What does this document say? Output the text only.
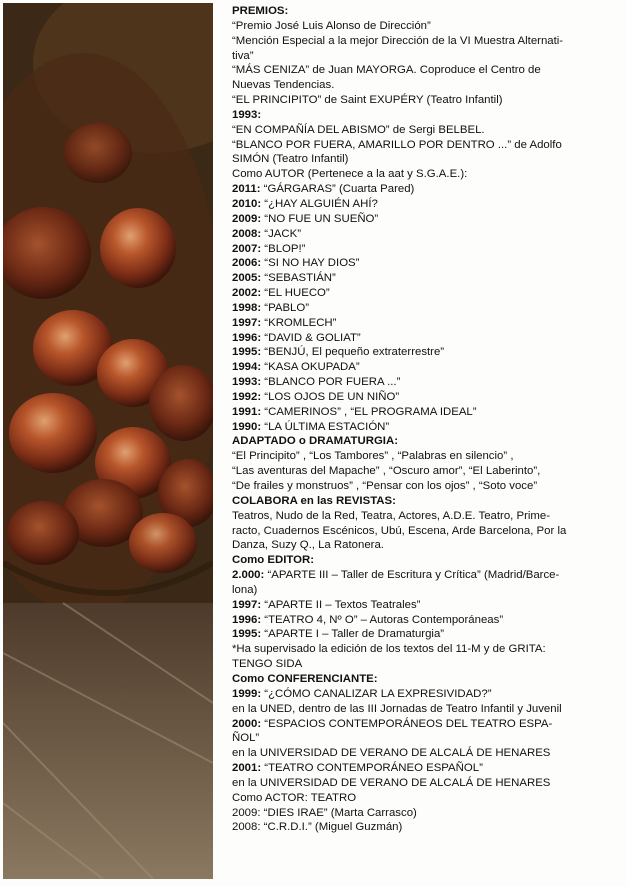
PREMIOS:
“Premio José Luis Alonso de Dirección”
“Mención Especial a la mejor Dirección de la VI Muestra Alternati-
tiva”
“MÁS CENIZA” de Juan MAYORGA. Coproduce el Centro de
Nuevas Tendencias.
“EL PRINCIPITO” de Saint EXUPÉRY (Teatro Infantil)
1993:
“EN COMPAÑÍA DEL ABISMO” de Sergi BELBEL.
“BLANCO POR FUERA, AMARILLO POR DENTRO ...” de Adolfo
SIMÓN (Teatro Infantil)
Como AUTOR (Pertenece a la aat y S.G.A.E.):
2011: “GÁRGARAS” (Cuarta Pared)
2010: “¿HAY ALGUIÉN AHÍ?
2009: “NO FUE UN SUEÑO”
2008: “JACK”
2007: “BLOP!”
2006: “SI NO HAY DIOS”
2005: “SEBASTIÁN”
2002: “EL HUECO”
1998: “PABLO”
1997: “KROMLECH”
1996: “DAVID & GOLIAT”
1995: “BENJÚ, El pequeño extraterrestre”
1994: “KASA OKUPADA”
1993: “BLANCO POR FUERA ...”
1992: “LOS OJOS DE UN NIÑO”
1991: “CAMERINOS” , “EL PROGRAMA IDEAL”
1990: “LA ÚLTIMA ESTACIÓN”
ADAPTADO o DRAMATURGIA:
“El Principito” , “Los Tambores” , “Palabras en silencio” ,
“Las aventuras del Mapache” , “Oscuro amor”, “El Laberinto”,
“De frailes y monstruos” , “Pensar con los ojos” , “Soto voce”
COLABORA en las REVISTAS:
Teatros, Nudo de la Red, Teatra, Actores, A.D.E. Teatro, Prime-
racto, Cuadernos Escénicos, Ubú, Escena, Arde Barcelona, Por la
Danza, Suzy Q., La Ratonera.
Como EDITOR:
2.000: “APARTE III – Taller de Escritura y Crítica” (Madrid/Barce-
lona)
1997: “APARTE II – Textos Teatrales”
1996: “TEATRO 4, Nº O” – Autoras Contemporáneas”
1995: “APARTE I – Taller de Dramaturgia”
*Ha supervisado la edición de los textos del 11-M y de GRITA:
TENGO SIDA
Como CONFERENCIANTE:
1999: “¿CÓMO CANALIZAR LA EXPRESIVIDAD?”
en la UNED, dentro de las III Jornadas de Teatro Infantil y Juvenil
2000: “ESPACIOS CONTEMPORÁNEOS DEL TEATRO ESPA-
ÑOL”
en la UNIVERSIDAD DE VERANO DE ALCALÁ DE HENARES
2001: “TEATRO CONTEMPORÁNEO ESPAÑOL”
en la UNIVERSIDAD DE VERANO DE ALCALÁ DE HENARES
Como ACTOR: TEATRO
2009: “DIES IRAE” (Marta Carrasco)
2008: “C.R.D.I.” (Miguel Guzmán)
